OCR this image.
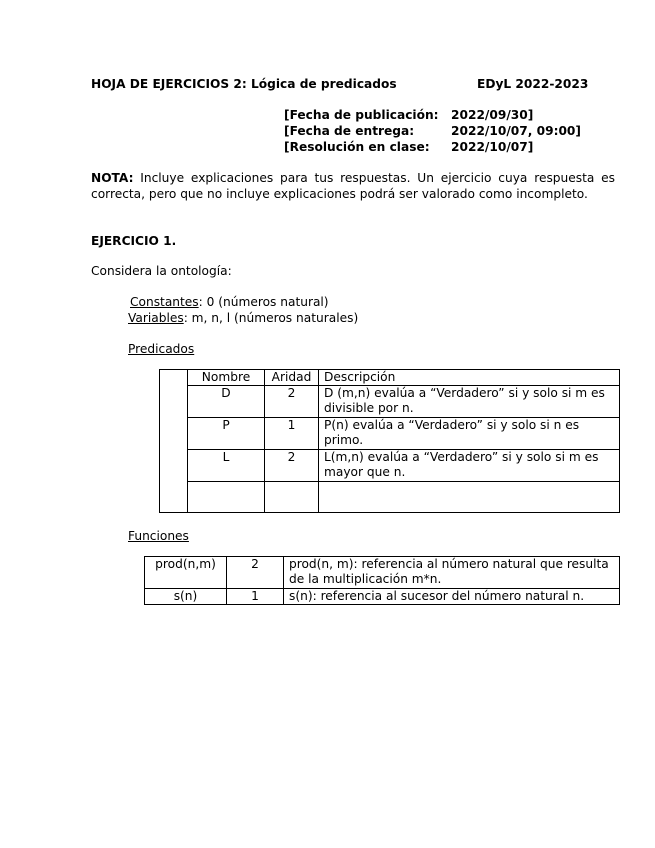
HOJA DE EJERCICIOS 2: Lógica de predicados	EDyL 2022-2023
[Fecha de publicación: 2022/09/30]
[Fecha de entrega:	2022/10/07, 09:00]
[Resolución en clase: 2022/10/07]
NOTA: Incluye explicaciones para tus respuestas. Un ejercicio cuya respuesta es correcta, pero que no incluye explicaciones podrá ser valorado como incompleto.
EJERCICIO 1.
Considera la ontología:
Constantes: 0 (números natural)
Variables: m, n, l (números naturales)
Predicados
	Nombre	Aridad	Descripción
	D	2	D (m,n) evalúa a “Verdadero” si y solo si m es divisible por n.
	P	1	P(n) evalúa a “Verdadero” si y solo si n es primo.
	L	2	L(m,n) evalúa a “Verdadero” si y solo si m es mayor que n.

Funciones
prod(n,m)	2	prod(n, m): referencia al número natural que resulta de la multiplicación m*n.
s(n)	1	s(n): referencia al sucesor del número natural n.
